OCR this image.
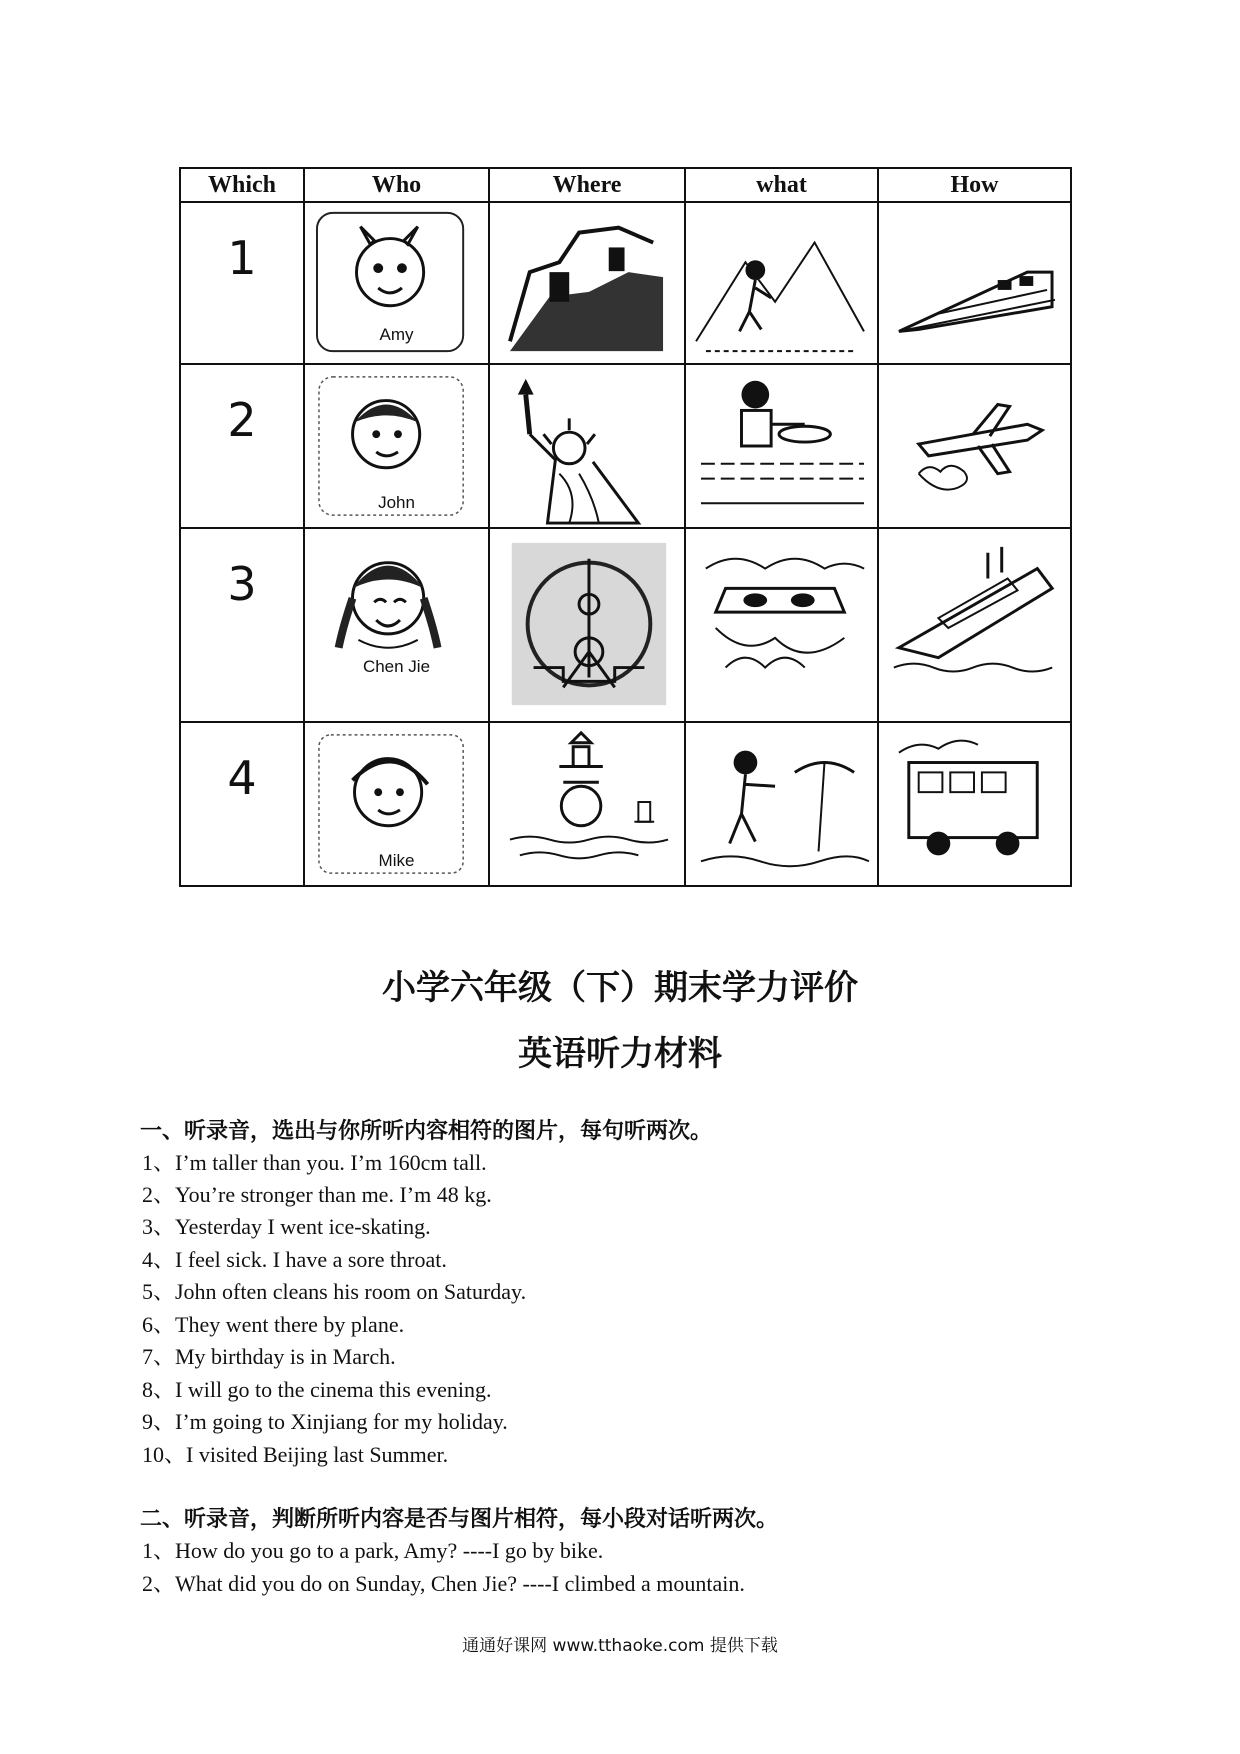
Which	Who	Where	what	How

1	Amy

2	John

3	Chen Jie

4	Mike

小学六年级（下）期末学力评价
英语听力材料
一、听录音，选出与你所听内容相符的图片，每句听两次。
1、I’m taller than you. I’m 160cm tall.
2、You’re stronger than me. I’m 48 kg.
3、Yesterday I went ice-skating.
4、I feel sick. I have a sore throat.
5、John often cleans his room on Saturday.
6、They went there by plane.
7、My birthday is in March.
8、I will go to the cinema this evening.
9、I’m going to Xinjiang for my holiday.
10、I visited Beijing last Summer.
二、听录音，判断所听内容是否与图片相符，每小段对话听两次。
1、How do you go to a park, Amy? ----I go by bike.
2、What did you do on Sunday, Chen Jie? ----I climbed a mountain.
通通好课网 www.tthaoke.com 提供下载
